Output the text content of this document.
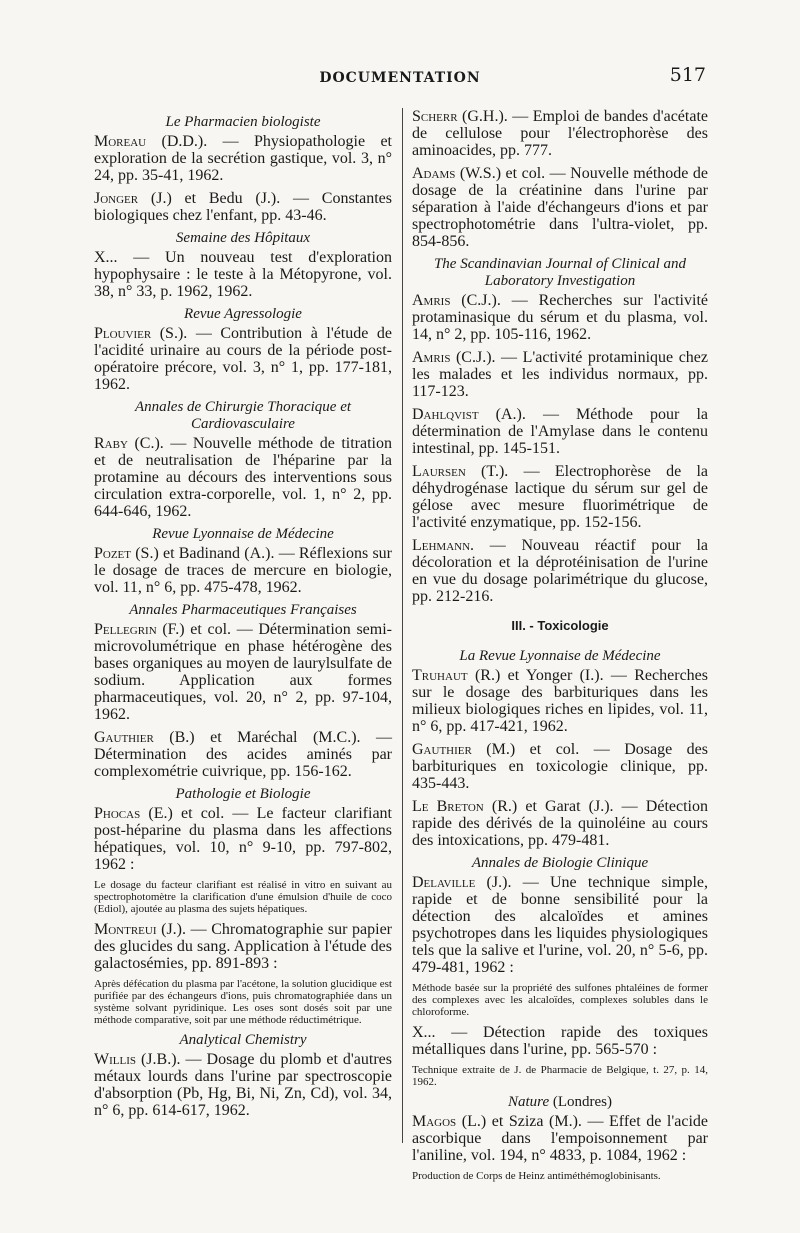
DOCUMENTATION	517
Le Pharmacien biologiste
Moreau (D.D.). — Physiopathologie et exploration de la secrétion gastique, vol. 3, n° 24, pp. 35-41, 1962.
Jonger (J.) et Bedu (J.). — Constantes biologiques chez l'enfant, pp. 43-46.
Semaine des Hôpitaux
X... — Un nouveau test d'exploration hypophysaire : le teste à la Métopyrone, vol. 38, n° 33, p. 1962, 1962.
Revue Agressologie
Plouvier (S.). — Contribution à l'étude de l'acidité urinaire au cours de la période post-opératoire précore, vol. 3, n° 1, pp. 177-181, 1962.
Annales de Chirurgie Thoracique et Cardiovasculaire
Raby (C.). — Nouvelle méthode de titration et de neutralisation de l'héparine par la protamine au décours des interventions sous circulation extra-corporelle, vol. 1, n° 2, pp. 644-646, 1962.
Revue Lyonnaise de Médecine
Pozet (S.) et Badinand (A.). — Réflexions sur le dosage de traces de mercure en biologie, vol. 11, n° 6, pp. 475-478, 1962.
Annales Pharmaceutiques Françaises
Pellegrin (F.) et col. — Détermination semi-microvolumétrique en phase hétérogène des bases organiques au moyen de laurylsulfate de sodium. Application aux formes pharmaceutiques, vol. 20, n° 2, pp. 97-104, 1962.
Gauthier (B.) et Maréchal (M.C.). — Détermination des acides aminés par complexométrie cuivrique, pp. 156-162.
Pathologie et Biologie
Phocas (E.) et col. — Le facteur clarifiant post-héparine du plasma dans les affections hépatiques, vol. 10, n° 9-10, pp. 797-802, 1962 :
Le dosage du facteur clarifiant est réalisé in vitro en suivant au spectrophotomètre la clarification d'une émulsion d'huile de coco (Ediol), ajoutée au plasma des sujets hépatiques.
Montreui (J.). — Chromatographie sur papier des glucides du sang. Application à l'étude des galactosémies, pp. 891-893 :
Après défécation du plasma par l'acétone, la solution glucidique est purifiée par des échangeurs d'ions, puis chromatographiée dans un système solvant pyridinique. Les oses sont dosés soit par une méthode comparative, soit par une méthode réductimétrique.
Analytical Chemistry
Willis (J.B.). — Dosage du plomb et d'autres métaux lourds dans l'urine par spectroscopie d'absorption (Pb, Hg, Bi, Ni, Zn, Cd), vol. 34, n° 6, pp. 614-617, 1962.
Scherr (G.H.). — Emploi de bandes d'acétate de cellulose pour l'électrophorèse des aminoacides, pp. 777.
Adams (W.S.) et col. — Nouvelle méthode de dosage de la créatinine dans l'urine par séparation à l'aide d'échangeurs d'ions et par spectrophotométrie dans l'ultra-violet, pp. 854-856.
The Scandinavian Journal of Clinical and Laboratory Investigation
Amris (C.J.). — Recherches sur l'activité protaminasique du sérum et du plasma, vol. 14, n° 2, pp. 105-116, 1962.
Amris (C.J.). — L'activité protaminique chez les malades et les individus normaux, pp. 117-123.
Dahlqvist (A.). — Méthode pour la détermination de l'Amylase dans le contenu intestinal, pp. 145-151.
Laursen (T.). — Electrophorèse de la déhydrogénase lactique du sérum sur gel de gélose avec mesure fluorimétrique de l'activité enzymatique, pp. 152-156.
Lehmann. — Nouveau réactif pour la décoloration et la déprotéinisation de l'urine en vue du dosage polarimétrique du glucose, pp. 212-216.
III. - Toxicologie
La Revue Lyonnaise de Médecine
Truhaut (R.) et Yonger (I.). — Recherches sur le dosage des barbituriques dans les milieux biologiques riches en lipides, vol. 11, n° 6, pp. 417-421, 1962.
Gauthier (M.) et col. — Dosage des barbituriques en toxicologie clinique, pp. 435-443.
Le Breton (R.) et Garat (J.). — Détection rapide des dérivés de la quinoléine au cours des intoxications, pp. 479-481.
Annales de Biologie Clinique
Delaville (J.). — Une technique simple, rapide et de bonne sensibilité pour la détection des alcaloïdes et amines psychotropes dans les liquides physiologiques tels que la salive et l'urine, vol. 20, n° 5-6, pp. 479-481, 1962 :
Méthode basée sur la propriété des sulfones phtaléines de former des complexes avec les alcaloïdes, complexes solubles dans le chloroforme.
X... — Détection rapide des toxiques métalliques dans l'urine, pp. 565-570 :
Technique extraite de J. de Pharmacie de Belgique, t. 27, p. 14, 1962.
Nature (Londres)
Magos (L.) et Sziza (M.). — Effet de l'acide ascorbique dans l'empoisonnement par l'aniline, vol. 194, n° 4833, p. 1084, 1962 :
Production de Corps de Heinz antiméthémoglobinisants.
